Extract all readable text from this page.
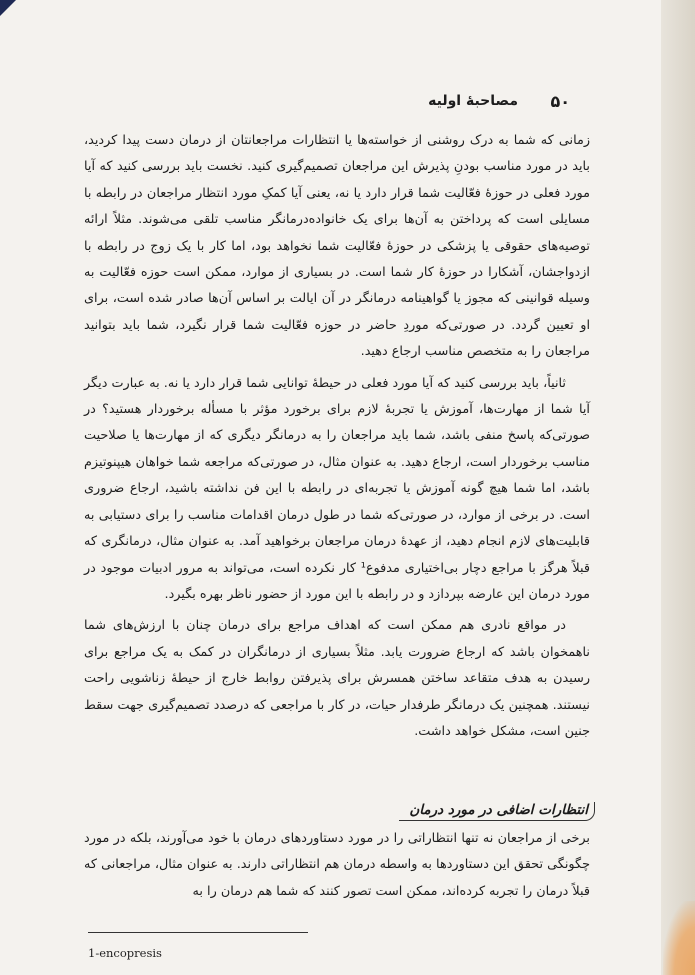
۵۰
مصاحبهٔ اولیه

زمانی که شما به درک روشنی از خواسته‌ها یا انتظارات مراجعانتان از درمان دست پیدا کردید، باید در مورد مناسب بودنِ پذیرش این مراجعان تصمیم‌گیری کنید. نخست باید بررسی کنید که آیا مورد فعلی در حوزهٔ فعّالیت شما قرار دارد یا نه، یعنی آیا کمکِ مورد انتظار مراجعان در رابطه با مسایلی است که پرداختن به آن‌ها برای یک خانواده‌درمانگر مناسب تلقی می‌شوند. مثلاً ارائه توصیه‌های حقوقی یا پزشکی در حوزهٔ فعّالیت شما نخواهد بود، اما کار با یک زوج در رابطه با ازدواجشان، آشکارا در حوزهٔ کار شما است. در بسیاری از موارد، ممکن است حوزه فعّالیت به وسیله قوانینی که مجوز یا گواهینامه درمانگر در آن ایالت بر اساس آن‌ها صادر شده است، برای او تعیین گردد. در صورتی‌که موردِ حاضر در حوزه فعّالیت شما قرار نگیرد، شما باید بتوانید مراجعان را به متخصص مناسب ارجاع دهید.

ثانیاً، باید بررسی کنید که آیا مورد فعلی در حیطهٔ توانایی شما قرار دارد یا نه. به عبارت دیگر آیا شما از مهارت‌ها، آموزش یا تجربهٔ لازم برای برخورد مؤثر با مسأله برخوردار هستید؟ در صورتی‌که پاسخ منفی باشد، شما باید مراجعان را به درمانگر دیگری که از مهارت‌ها یا صلاحیت مناسب برخوردار است، ارجاع دهید. به عنوان مثال، در صورتی‌که مراجعه شما خواهان هیپنوتیزم باشد، اما شما هیچ گونه آموزش یا تجربه‌ای در رابطه با این فن نداشته باشید، ارجاع ضروری است. در برخی از موارد، در صورتی‌که شما در طول درمان اقدامات مناسب را برای دستیابی به قابلیت‌های لازم انجام دهید، از عهدهٔ درمان مراجعان برخواهید آمد. به عنوان مثال، درمانگری که قبلاً هرگز با مراجع دچار بی‌اختیاری مدفوع¹ کار نکرده است، می‌تواند به مرور ادبیات موجود در مورد درمان این عارضه بپردازد و در رابطه با این مورد از حضور ناظر بهره بگیرد.

در مواقع نادری هم ممکن است که اهداف مراجع برای درمان چنان با ارزش‌های شما ناهمخوان باشد که ارجاع ضرورت یابد. مثلاً بسیاری از درمانگران در کمک به یک مراجع برای رسیدن به هدف متقاعد ساختن همسرش برای پذیرفتن روابط خارج از حیطهٔ زناشویی راحت نیستند. همچنین یک درمانگر طرفدار حیات، در کار با مراجعی که درصدد تصمیم‌گیری جهت سقط جنین است، مشکل خواهد داشت.

انتظارات اضافی در مورد درمان

برخی از مراجعان نه تنها انتظاراتی را در مورد دستاوردهای درمان با خود می‌آورند، بلکه در مورد چگونگی تحقق این دستاوردها به واسطه درمان هم انتظاراتی دارند. به عنوان مثال، مراجعانی که قبلاً درمان را تجربه کرده‌اند، ممکن است تصور کنند که شما هم درمان را به

1-encopresis
